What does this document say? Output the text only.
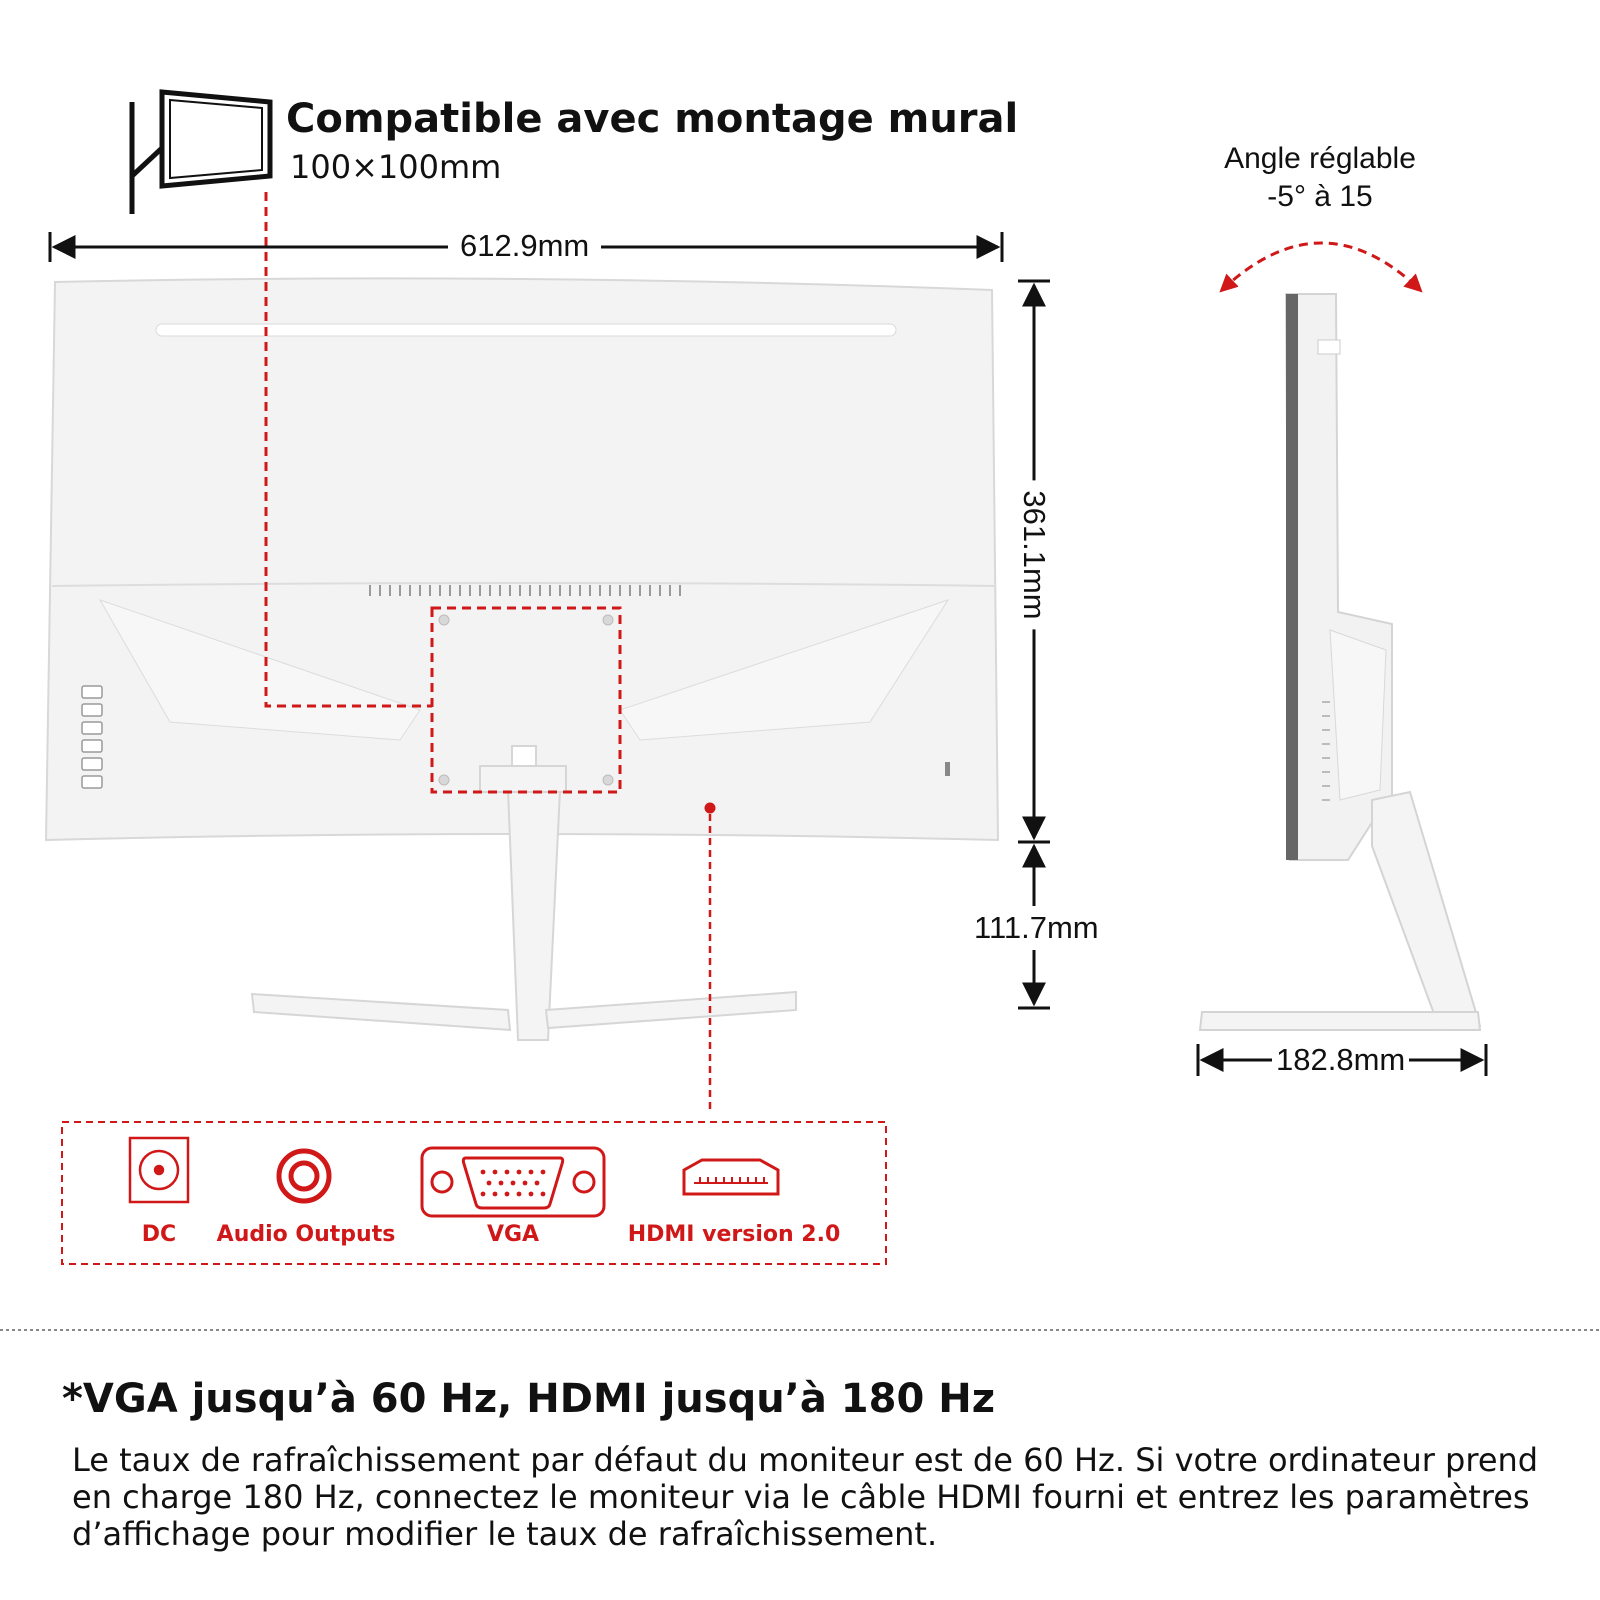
Compatible avec montage mural
100×100mm
612.9mm
361.1mm
111.7mm
182.8mm
Angle réglable
-5° à 15
DC Audio Outputs	VGA	HDMI version 2.0
*VGA jusqu’à 60 Hz, HDMI jusqu’à 180 Hz
Le taux de rafraîchissement par défaut du moniteur est de 60 Hz. Si votre ordinateur prend en charge 180 Hz, connectez le moniteur via le câble HDMI fourni et entrez les paramètres d’affichage pour modifier le taux de rafraîchissement.
